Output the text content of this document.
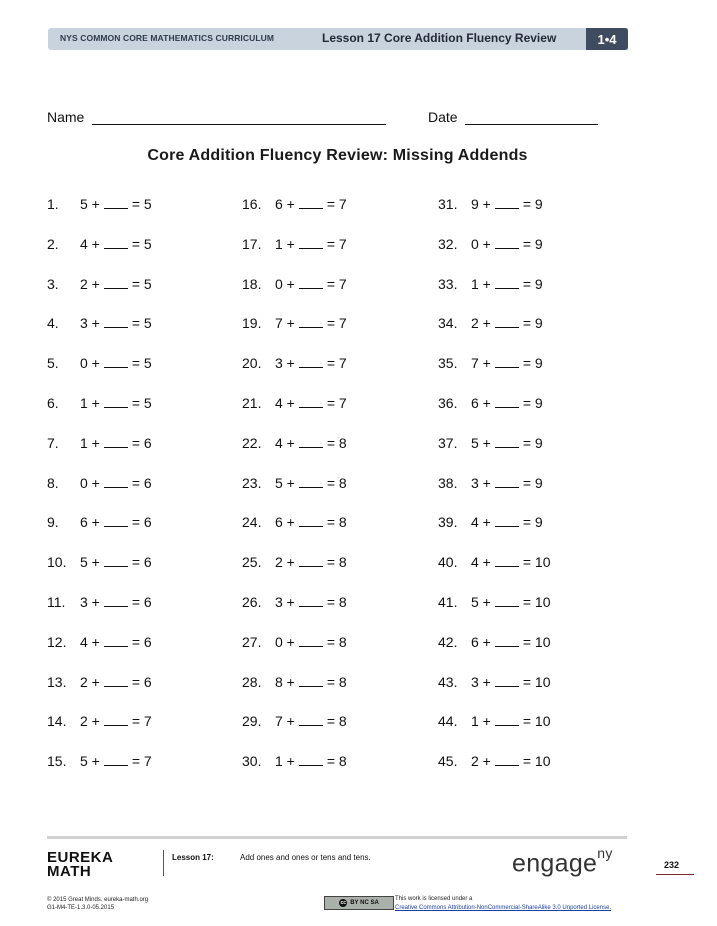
NYS COMMON CORE MATHEMATICS CURRICULUM	Lesson 17 Core Addition Fluency Review	1•4
Name	Date
Core Addition Fluency Review: Missing Addends
1. 5 + = 5
2. 4 + = 5
3. 2 + = 5
4. 3 + = 5
5. 0 + = 5
6. 1 + = 5
7. 1 + = 6
8. 0 + = 6
9. 6 + = 6
10. 5 + = 6
11. 3 + = 6
12. 4 + = 6
13. 2 + = 6
14. 2 + = 7
15. 5 + = 7
16. 6 + = 7
17. 1 + = 7
18. 0 + = 7
19. 7 + = 7
20. 3 + = 7
21. 4 + = 7
22. 4 + = 8
23. 5 + = 8
24. 6 + = 8
25. 2 + = 8
26. 3 + = 8
27. 0 + = 8
28. 8 + = 8
29. 7 + = 8
30. 1 + = 8
31. 9 + = 9
32. 0 + = 9
33. 1 + = 9
34. 2 + = 9
35. 7 + = 9
36. 6 + = 9
37. 5 + = 9
38. 3 + = 9
39. 4 + = 9
40. 4 + = 10
41. 5 + = 10
42. 6 + = 10
43. 3 + = 10
44. 1 + = 10
45. 2 + = 10
EUREKA
MATH
Lesson 17:	Add ones and ones or tens and tens.	engage$^{ny}$
232
© 2015 Great Minds. eureka-math.org
G1-M4-TE-1.3.0-05.2015
cc BY NC SA
This work is licensed under a
Creative Commons Attribution-NonCommercial-ShareAlike 3.0 Unported License.
